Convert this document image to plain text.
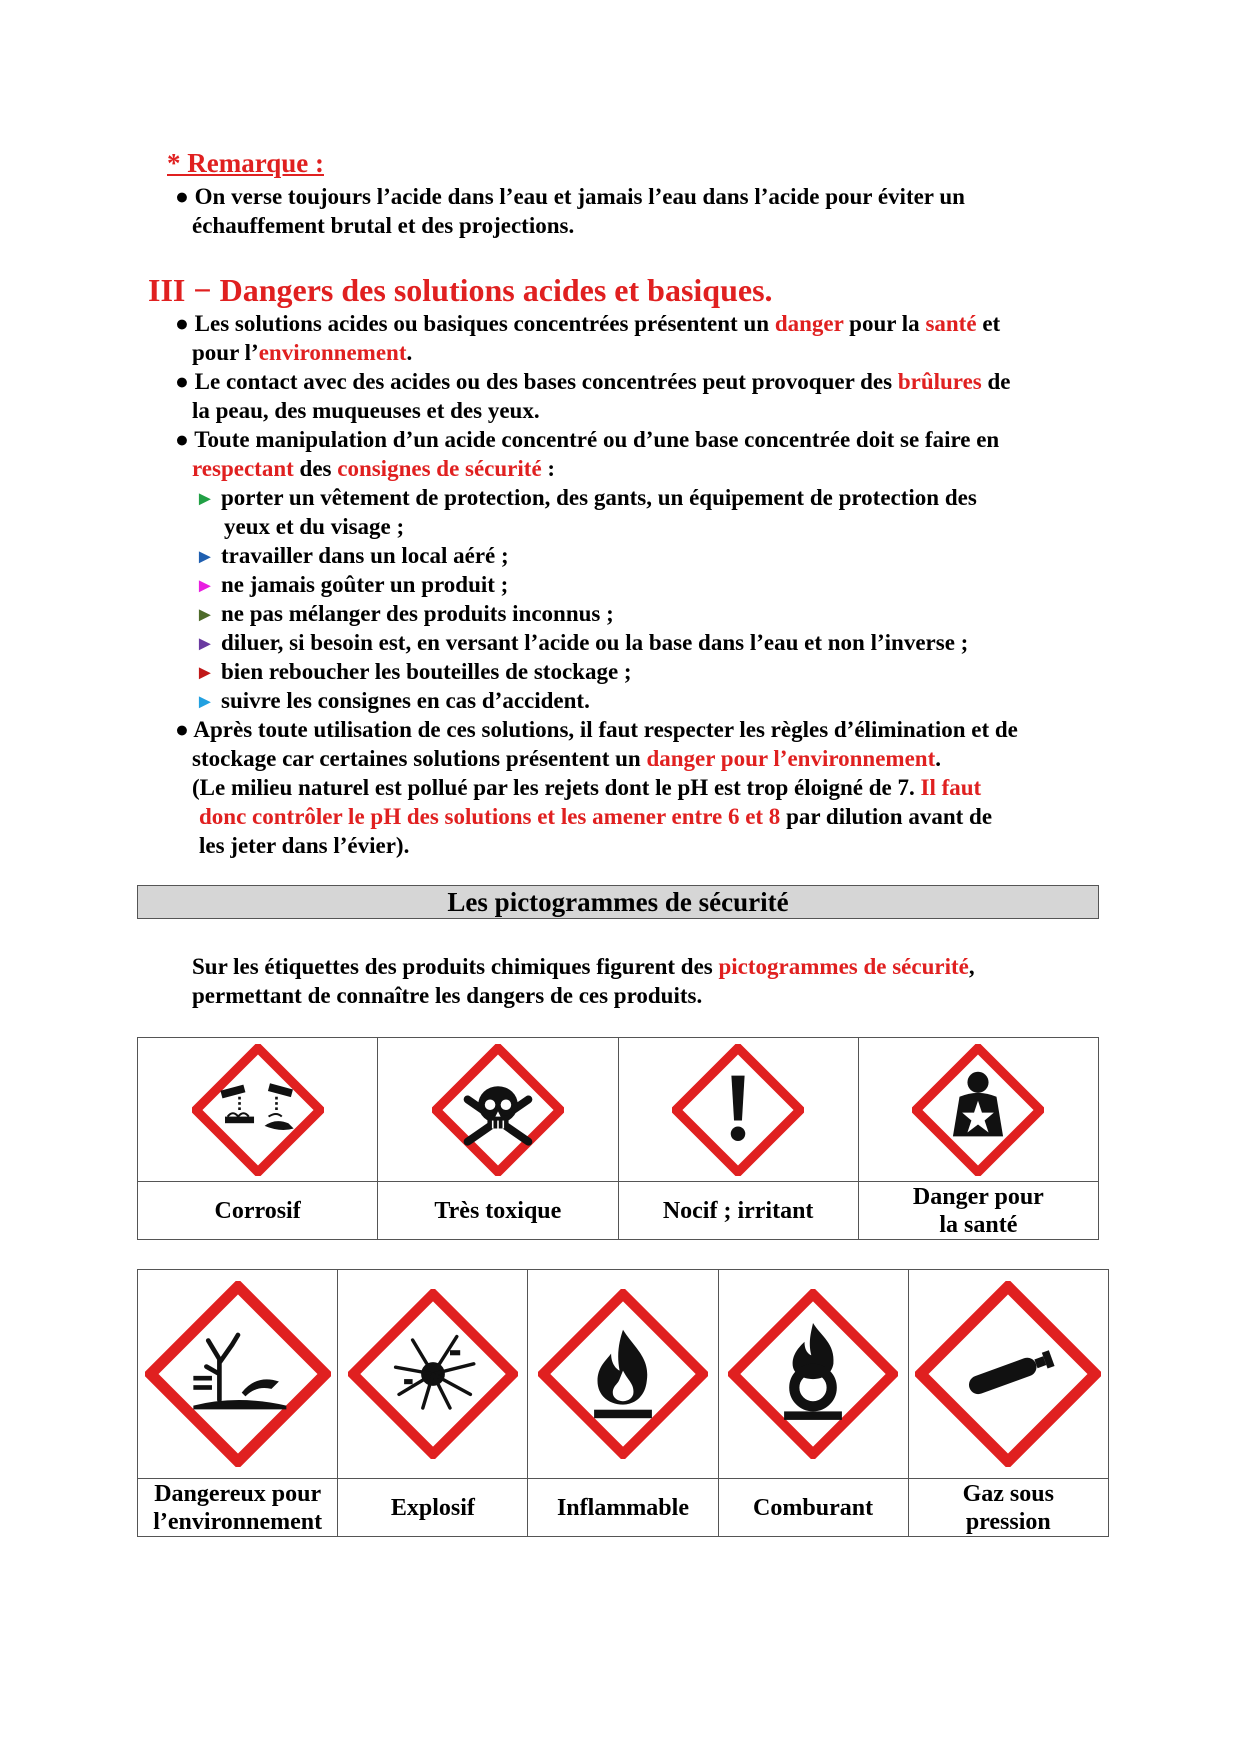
* Remarque :
● On verse toujours l’acide dans l’eau et jamais l’eau dans l’acide pour éviter un
échauffement brutal et des projections.
III − Dangers des solutions acides et basiques.
● Les solutions acides ou basiques concentrées présentent un danger pour la santé et
pour l’environnement.
● Le contact avec des acides ou des bases concentrées peut provoquer des brûlures de
la peau, des muqueuses et des yeux.
● Toute manipulation d’un acide concentré ou d’une base concentrée doit se faire en
respectant des consignes de sécurité :
► porter un vêtement de protection, des gants, un équipement de protection des
yeux et du visage ;
► travailler dans un local aéré ;
► ne jamais goûter un produit ;
► ne pas mélanger des produits inconnus ;
► diluer, si besoin est, en versant l’acide ou la base dans l’eau et non l’inverse ;
► bien reboucher les bouteilles de stockage ;
► suivre les consignes en cas d’accident.
● Après toute utilisation de ces solutions, il faut respecter les règles d’élimination et de
stockage car certaines solutions présentent un danger pour l’environnement.
(Le milieu naturel est pollué par les rejets dont le pH est trop éloigné de 7. Il faut
donc contrôler le pH des solutions et les amener entre 6 et 8 par dilution avant de
les jeter dans l’évier).
Les pictogrammes de sécurité
Sur les étiquettes des produits chimiques figurent des pictogrammes de sécurité,
permettant de connaître les dangers de ces produits.

Corrosif	Très toxique	Nocif ; irritant	Danger pour
la santé

Dangereux pour
l’environnement	Explosif	Inflammable	Comburant	Gaz sous
pression
